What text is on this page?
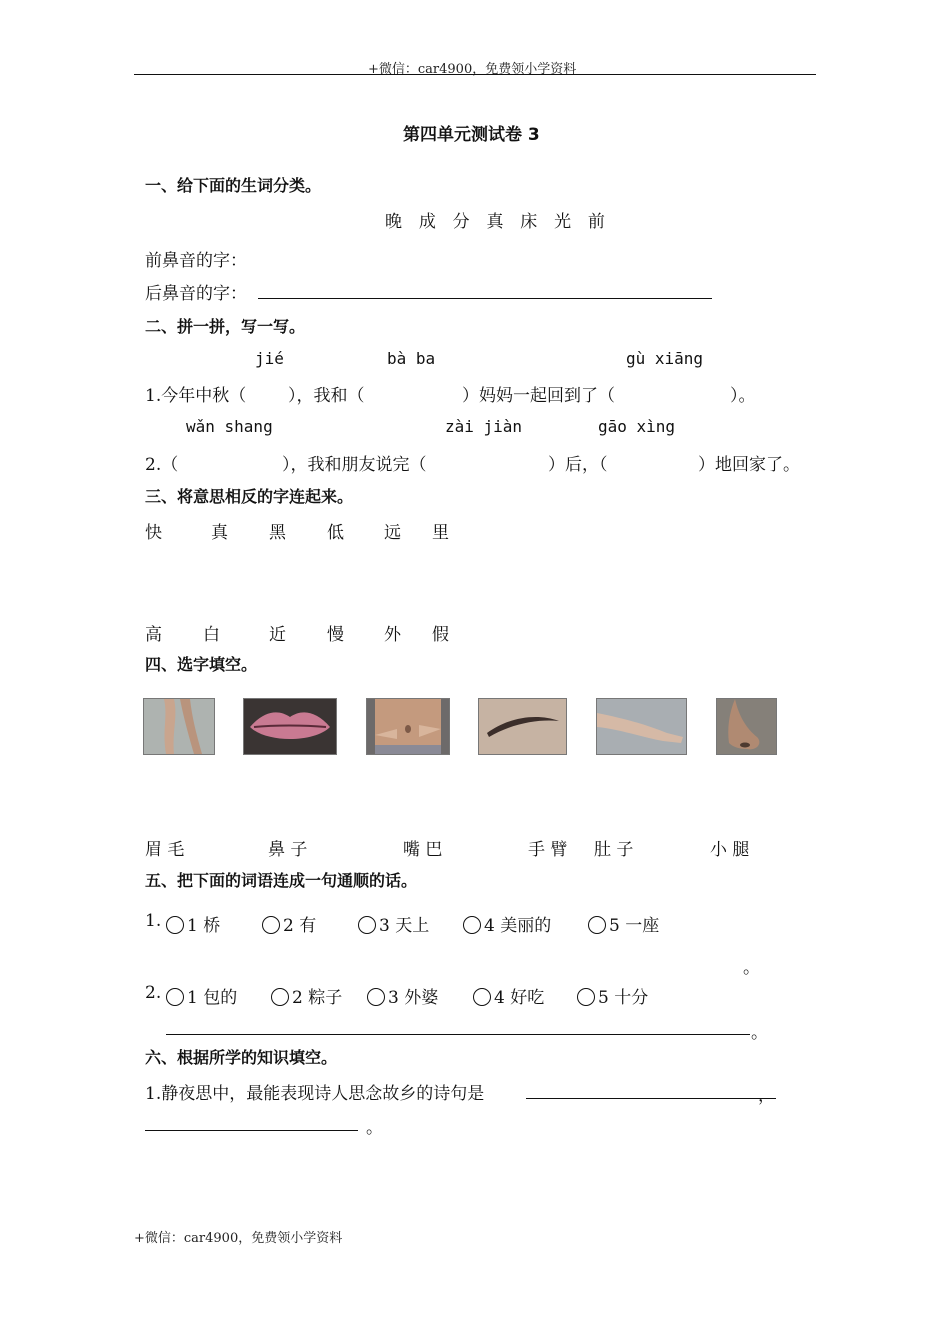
+微信：car4900，免费领小学资料
第四单元测试卷 3
一、给下面的生词分类。
晚 成 分 真 床 光 前
前鼻音的字：
后鼻音的字：
二、拼一拼，写一写。
jié	bà ba	gù xiāng
1.今年中秋（ ），我和（	）妈妈一起回到了（	）。
wǎn shang	zài jiàn	gāo xìng
2.（	），我和朋友说完（	）后，（	）地回家了。
三、将意思相反的字连起来。
快	真 黑 低 远 里
高 白	近 慢 外 假
四、选字填空。
眉 毛	鼻 子	嘴 巴	手 臂 肚 子	小 腿
五、把下面的词语连成一句通顺的话。
1.	1 桥	2 有	3 天上	4 美丽的	5 一座
。
2.	1 包的	2 粽子	3 外婆	4 好吃	5 十分
。
六、根据所学的知识填空。
1.静夜思中，最能表现诗人思念故乡的诗句是	，
。
+微信：car4900，免费领小学资料
